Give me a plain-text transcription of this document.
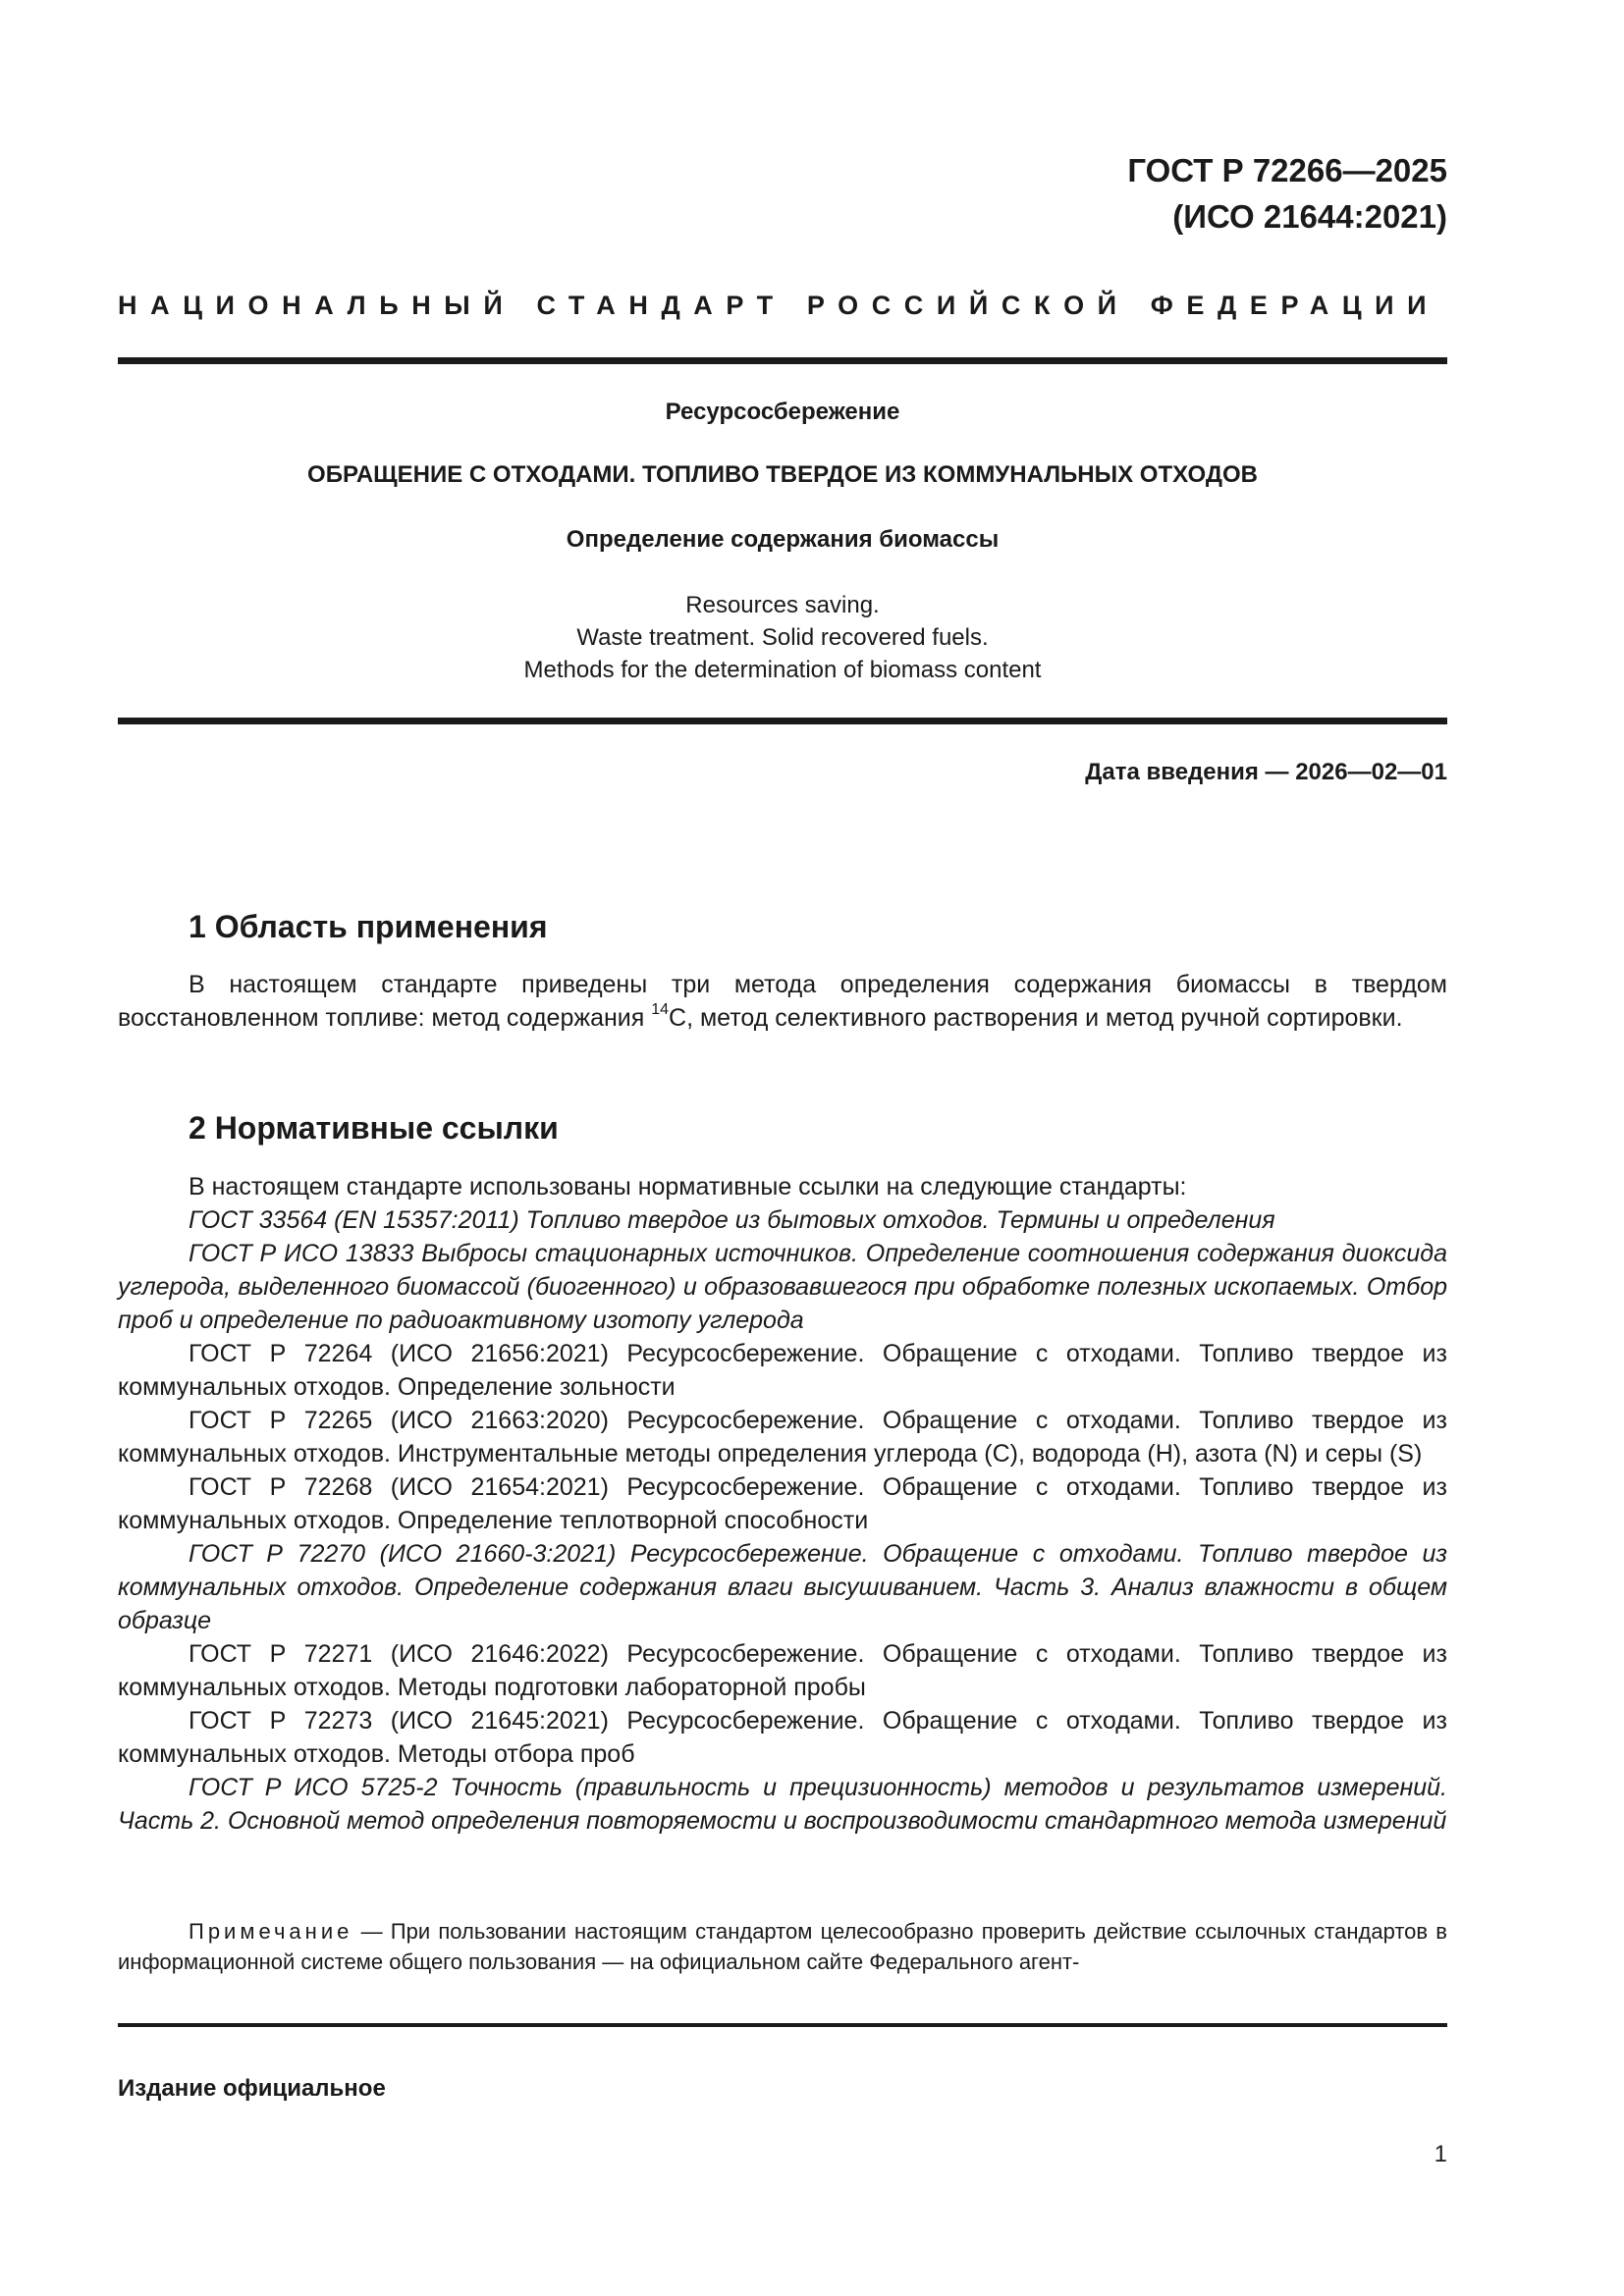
ГОСТ Р 72266—2025
(ИСО 21644:2021)
НАЦИОНАЛЬНЫЙ СТАНДАРТ РОССИЙСКОЙ ФЕДЕРАЦИИ
Ресурсосбережение
ОБРАЩЕНИЕ С ОТХОДАМИ. ТОПЛИВО ТВЕРДОЕ ИЗ КОММУНАЛЬНЫХ ОТХОДОВ
Определение содержания биомассы
Resources saving.
Waste treatment. Solid recovered fuels.
Methods for the determination of biomass content
Дата введения — 2026—02—01
1 Область применения

В настоящем стандарте приведены три метода определения содержания биомассы в твердом восстановленном топливе: метод содержания $^{14}$С, метод селективного растворения и метод ручной сортировки.

2 Нормативные ссылки

В настоящем стандарте использованы нормативные ссылки на следующие стандарты:

ГОСТ 33564 (EN 15357:2011) Топливо твердое из бытовых отходов. Термины и определения

ГОСТ Р ИСО 13833 Выбросы стационарных источников. Определение соотношения содержания диоксида углерода, выделенного биомассой (биогенного) и образовавшегося при обработке полезных ископаемых. Отбор проб и определение по радиоактивному изотопу углерода

ГОСТ Р 72264 (ИСО 21656:2021) Ресурсосбережение. Обращение с отходами. Топливо твердое из коммунальных отходов. Определение зольности

ГОСТ Р 72265 (ИСО 21663:2020) Ресурсосбережение. Обращение с отходами. Топливо твердое из коммунальных отходов. Инструментальные методы определения углерода (C), водорода (H), азота (N) и серы (S)

ГОСТ Р 72268 (ИСО 21654:2021) Ресурсосбережение. Обращение с отходами. Топливо твердое из коммунальных отходов. Определение теплотворной способности

ГОСТ Р 72270 (ИСО 21660-3:2021) Ресурсосбережение. Обращение с отходами. Топливо твердое из коммунальных отходов. Определение содержания влаги высушиванием. Часть 3. Анализ влажности в общем образце

ГОСТ Р 72271 (ИСО 21646:2022) Ресурсосбережение. Обращение с отходами. Топливо твердое из коммунальных отходов. Методы подготовки лабораторной пробы

ГОСТ Р 72273 (ИСО 21645:2021) Ресурсосбережение. Обращение с отходами. Топливо твердое из коммунальных отходов. Методы отбора проб

ГОСТ Р ИСО 5725-2 Точность (правильность и прецизионность) методов и результатов измерений. Часть 2. Основной метод определения повторяемости и воспроизводимости стандартного метода измерений

Примечание — При пользовании настоящим стандартом целесообразно проверить действие ссылочных стандартов в информационной системе общего пользования — на официальном сайте Федерального агент-

Издание официальное
1
